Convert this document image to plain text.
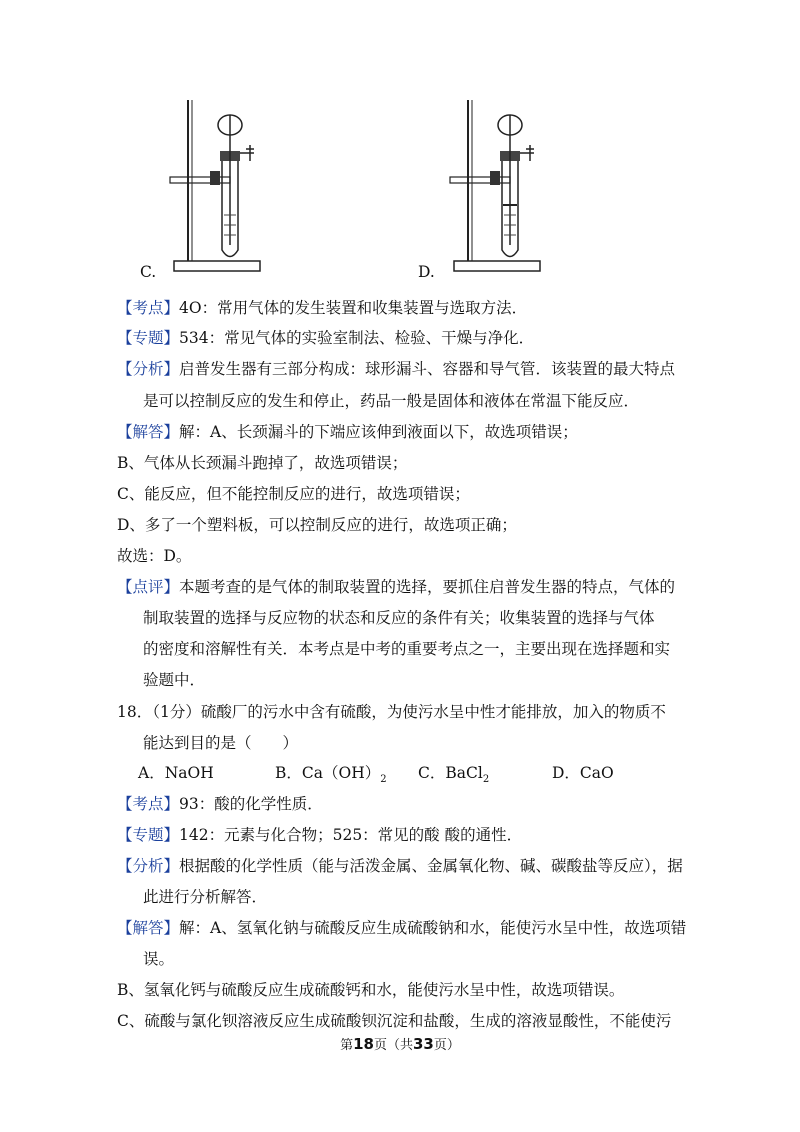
C.	D.
【考点】4O：常用气体的发生装置和收集装置与选取方法．
【专题】534：常见气体的实验室制法、检验、干燥与净化．
【分析】启普发生器有三部分构成：球形漏斗、容器和导气管．该装置的最大特点
是可以控制反应的发生和停止，药品一般是固体和液体在常温下能反应．
【解答】解：A、长颈漏斗的下端应该伸到液面以下，故选项错误；
B、气体从长颈漏斗跑掉了，故选项错误；
C、能反应，但不能控制反应的进行，故选项错误；
D、多了一个塑料板，可以控制反应的进行，故选项正确；
故选：D。
【点评】本题考查的是气体的制取装置的选择，要抓住启普发生器的特点，气体的
制取装置的选择与反应物的状态和反应的条件有关；收集装置的选择与气体
的密度和溶解性有关．本考点是中考的重要考点之一，主要出现在选择题和实
验题中．
18．（1分）硫酸厂的污水中含有硫酸，为使污水呈中性才能排放，加入的物质不
能达到目的是（　　）
A．NaOH	B．$Ca(OH)_2$ C．BaCl$_2$	D．CaO
【考点】93：酸的化学性质．
【专题】142：元素与化合物；525：常见的酸 酸的通性．
【分析】根据酸的化学性质（能与活泼金属、金属氧化物、碱、碳酸盐等反应），据
此进行分析解答．
【解答】解：A、氢氧化钠与硫酸反应生成硫酸钠和水，能使污水呈中性，故选项错
误。
B、氢氧化钙与硫酸反应生成硫酸钙和水，能使污水呈中性，故选项错误。
C、硫酸与氯化钡溶液反应生成硫酸钡沉淀和盐酸，生成的溶液显酸性，不能使污
第18页（共33页）
